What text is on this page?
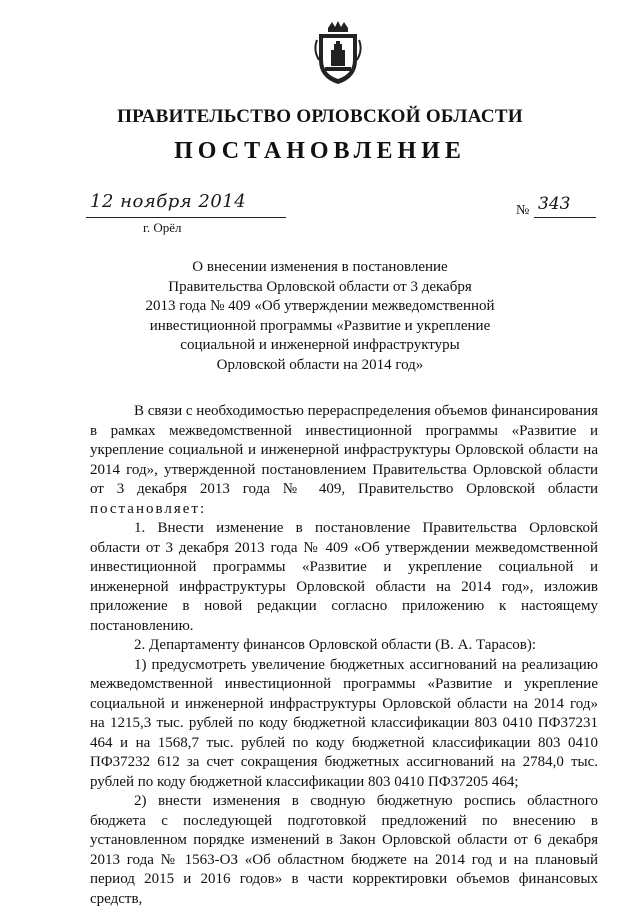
ПРАВИТЕЛЬСТВО ОРЛОВСКОЙ ОБЛАСТИ
ПОСТАНОВЛЕНИЕ
12 ноября 2014
г. Орёл
№ 343
О внесении изменения в постановление
Правительства Орловской области от 3 декабря
2013 года № 409 «Об утверждении межведомственной
инвестиционной программы «Развитие и укрепление
социальной и инженерной инфраструктуры
Орловской области на 2014 год»

В связи с необходимостью перераспределения объемов финансирования в рамках межведомственной инвестиционной программы «Развитие и укрепление социальной и инженерной инфраструктуры Орловской области на 2014 год», утвержденной постановлением Правительства Орловской области от 3 декабря 2013 года № 409, Правительство Орловской области постановляет:

1. Внести изменение в постановление Правительства Орловской области от 3 декабря 2013 года № 409 «Об утверждении межведомственной инвестиционной программы «Развитие и укрепление социальной и инженерной инфраструктуры Орловской области на 2014 год», изложив приложение в новой редакции согласно приложению к настоящему постановлению.

2. Департаменту финансов Орловской области (В. А. Тарасов):

1) предусмотреть увеличение бюджетных ассигнований на реализацию межведомственной инвестиционной программы «Развитие и укрепление социальной и инженерной инфраструктуры Орловской области на 2014 год» на 1215,3 тыс. рублей по коду бюджетной классификации 803 0410 ПФ37231 464 и на 1568,7 тыс. рублей по коду бюджетной классификации 803 0410 ПФ37232 612 за счет сокращения бюджетных ассигнований на 2784,0 тыс. рублей по коду бюджетной классификации 803 0410 ПФ37205 464;

2) внести изменения в сводную бюджетную роспись областного бюджета с последующей подготовкой предложений по внесению в установленном порядке изменений в Закон Орловской области от 6 декабря 2013 года № 1563-ОЗ «Об областном бюджете на 2014 год и на плановый период 2015 и 2016 годов» в части корректировки объемов финансовых средств,
